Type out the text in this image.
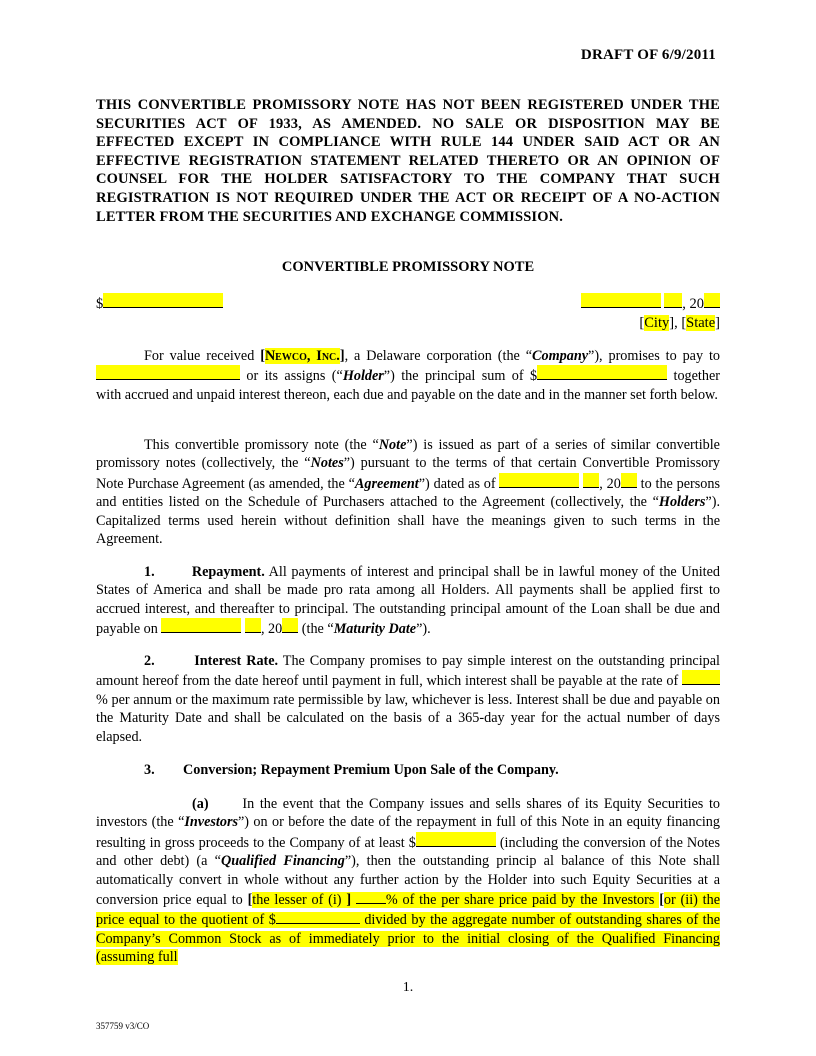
DRAFT OF 6/9/2011
THIS CONVERTIBLE PROMISSORY NOTE HAS NOT BEEN REGISTERED UNDER THE SECURITIES ACT OF 1933, AS AMENDED. NO SALE OR DISPOSITION MAY BE EFFECTED EXCEPT IN COMPLIANCE WITH RULE 144 UNDER SAID ACT OR AN EFFECTIVE REGISTRATION STATEMENT RELATED THERETO OR AN OPINION OF COUNSEL FOR THE HOLDER SATISFACTORY TO THE COMPANY THAT SUCH REGISTRATION IS NOT REQUIRED UNDER THE ACT OR RECEIPT OF A NO-ACTION LETTER FROM THE SECURITIES AND EXCHANGE COMMISSION.
CONVERTIBLE PROMISSORY NOTE
$	, 20
[City], [State]
For value received [Newco, Inc.], a Delaware corporation (the “Company”), promises to pay to  or its assigns (“Holder”) the principal sum of $	together with accrued and unpaid interest thereon, each due and payable on the date and in the manner set forth below.
This convertible promissory note (the “Note”) is issued as part of a series of similar convertible promissory notes (collectively, the “Notes”) pursuant to the terms of that certain Convertible Promissory Note Purchase Agreement (as amended, the “Agreement”) dated as of	, 20 to the persons and entities listed on the Schedule of Purchasers attached to the Agreement (collectively, the “Holders”). Capitalized terms used herein without definition shall have the meanings given to such terms in the Agreement.
1.	Repayment. All payments of interest and principal shall be in lawful money of the United States of America and shall be made pro rata among all Holders. All payments shall be applied first to accrued interest, and thereafter to principal. The outstanding principal amount of the Loan shall be due and payable on	, 20 (the “Maturity Date”).
2.	Interest Rate. The Company promises to pay simple interest on the outstanding principal amount hereof from the date hereof until payment in full, which interest shall be payable at the rate of % per annum or the maximum rate permissible by law, whichever is less. Interest shall be due and payable on the Maturity Date and shall be calculated on the basis of a 365-day year for the actual number of days elapsed.
3. Conversion; Repayment Premium Upon Sale of the Company.
(a) In the event that the Company issues and sells shares of its Equity Securities to investors (the “Investors”) on or before the date of the repayment in full of this Note in an equity financing resulting in gross proceeds to the Company of at least $	(including the conversion of the Notes and other debt) (a “Qualified Financing”), then the outstanding princip al balance of this Note shall automatically convert in whole without any further action by the Holder into such Equity Securities at a conversion price equal to [the lesser of (i) ] % of the per share price paid by the Investors [or (ii) the price equal to the quotient of $	divided by the aggregate number of outstanding shares of the Company’s Common Stock as of immediately prior to the initial closing of the Qualified Financing (assuming full
1.
357759 v3/CO
